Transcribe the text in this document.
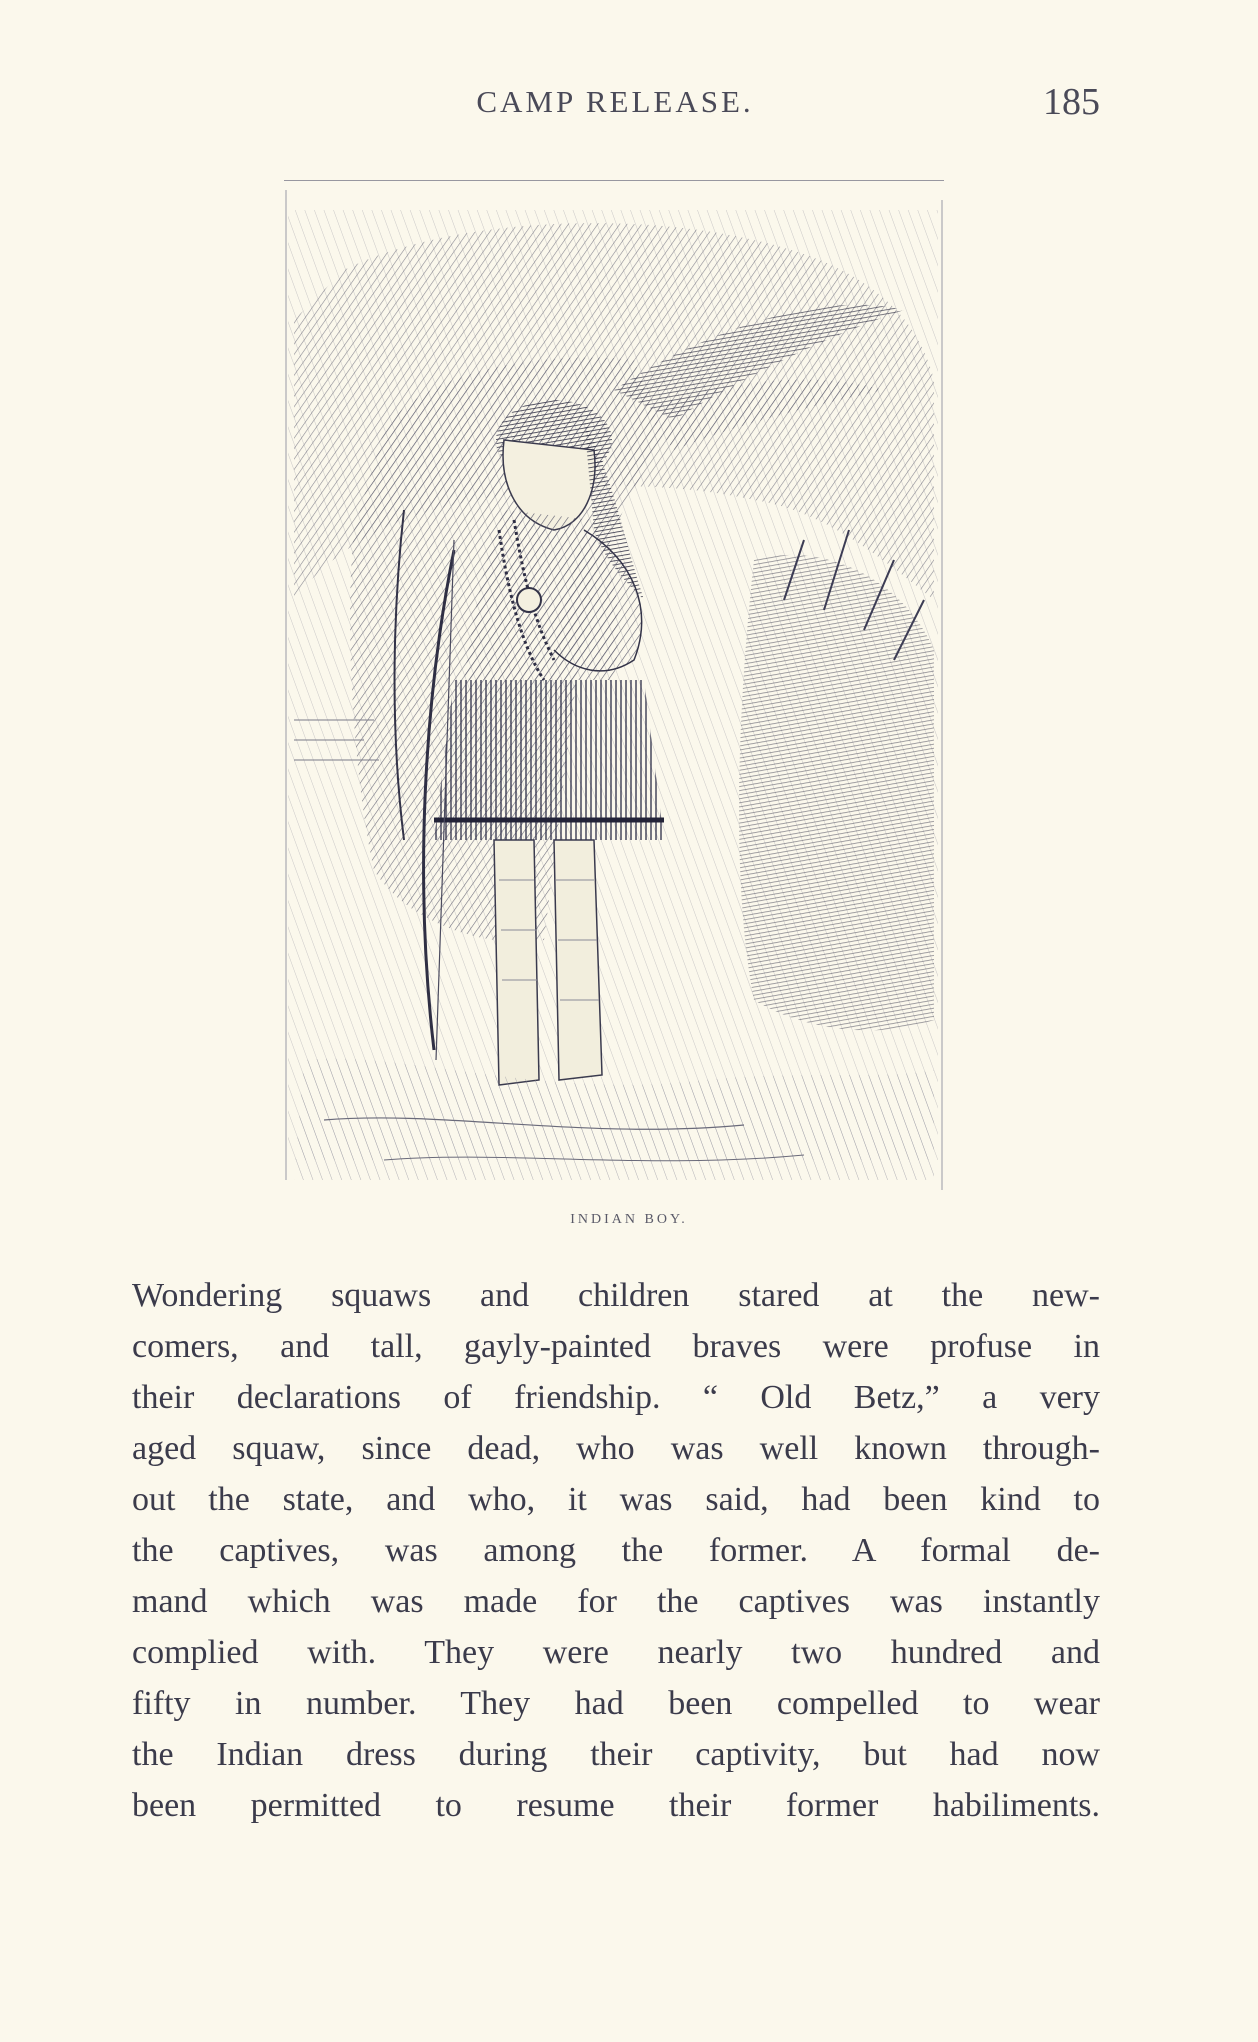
CAMP RELEASE.	185
INDIAN BOY.
Wondering squaws and children stared at the new-
comers, and tall, gayly-painted braves were profuse in
their declarations of friendship. “ Old Betz,” a very
aged squaw, since dead, who was well known through-
out the state, and who, it was said, had been kind to
the captives, was among the former. A formal de-
mand which was made for the captives was instantly
complied with. They were nearly two hundred and
fifty in number. They had been compelled to wear
the Indian dress during their captivity, but had now
been permitted to resume their former habiliments.
